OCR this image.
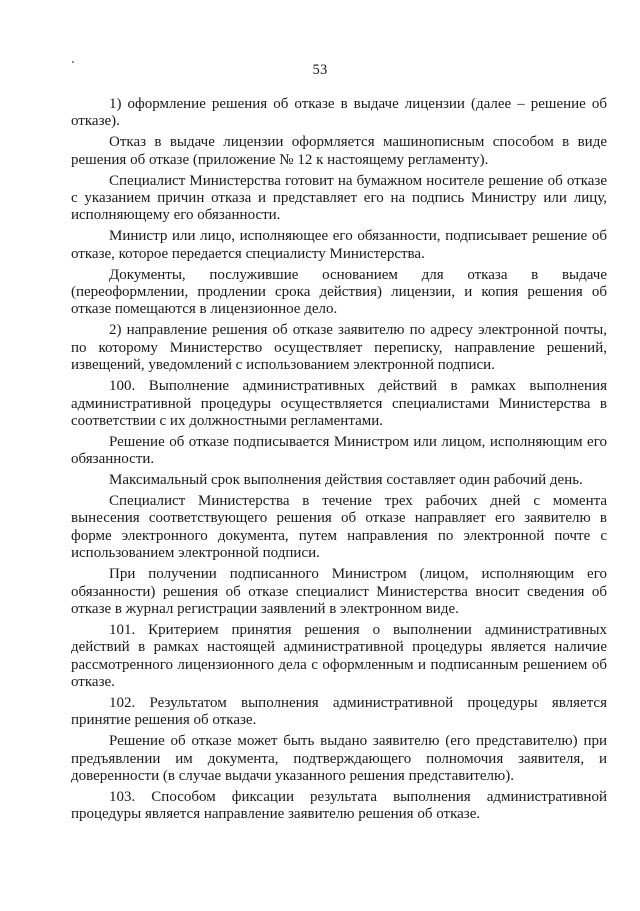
53

1) оформление решения об отказе в выдаче лицензии (далее – решение об отказе).

Отказ в выдаче лицензии оформляется машинописным способом в виде решения об отказе (приложение № 12 к настоящему регламенту).

Специалист Министерства готовит на бумажном носителе решение об отказе с указанием причин отказа и представляет его на подпись Министру или лицу, исполняющему его обязанности.

Министр или лицо, исполняющее его обязанности, подписывает решение об отказе, которое передается специалисту Министерства.

Документы, послужившие основанием для отказа в выдаче (переоформлении, продлении срока действия) лицензии, и копия решения об отказе помещаются в лицензионное дело.

2) направление решения об отказе заявителю по адресу электронной почты, по которому Министерство осуществляет переписку, направление решений, извещений, уведомлений с использованием электронной подписи.

100. Выполнение административных действий в рамках выполнения административной процедуры осуществляется специалистами Министерства в соответствии с их должностными регламентами.

Решение об отказе подписывается Министром или лицом, исполняющим его обязанности.

Максимальный срок выполнения действия составляет один рабочий день.

Специалист Министерства в течение трех рабочих дней с момента вынесения соответствующего решения об отказе направляет его заявителю в форме электронного документа, путем направления по электронной почте с использованием электронной подписи.

При получении подписанного Министром (лицом, исполняющим его обязанности) решения об отказе специалист Министерства вносит сведения об отказе в журнал регистрации заявлений в электронном виде.

101. Критерием принятия решения о выполнении административных действий в рамках настоящей административной процедуры является наличие рассмотренного лицензионного дела с оформленным и подписанным решением об отказе.

102. Результатом выполнения административной процедуры является принятие решения об отказе.

Решение об отказе может быть выдано заявителю (его представителю) при предъявлении им документа, подтверждающего полномочия заявителя, и доверенности (в случае выдачи указанного решения представителю).

103. Способом фиксации результата выполнения административной процедуры является направление заявителю решения об отказе.
